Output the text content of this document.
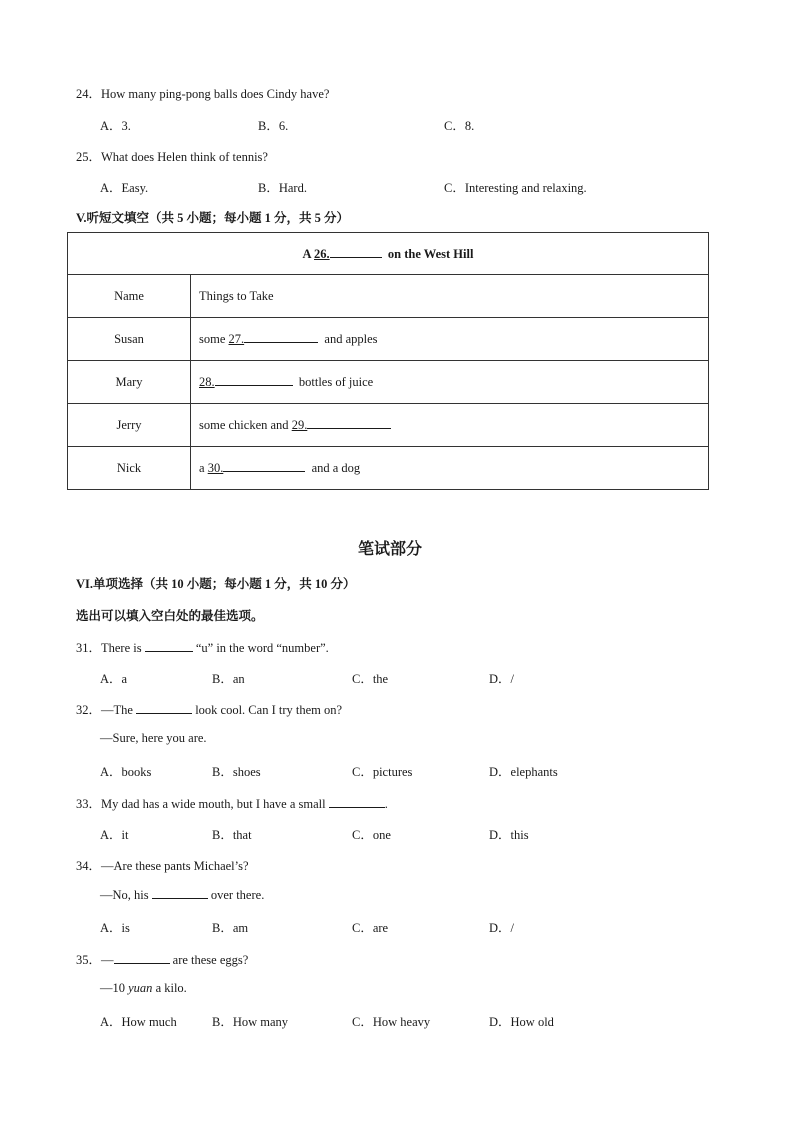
24．How many ping-pong balls does Cindy have?
A．3.	B．6.	C．8.
25．What does Helen think of tennis?
A．Easy.	B．Hard.	C．Interesting and relaxing.
V.听短文填空（共 5 小题；每小题 1 分，共 5 分）
A 26. on the West Hill	
Name	Things to Take
Susan	some 27. and apples
Mary	28. bottles of juice
Jerry	some chicken and 29.
Nick	a 30. and a dog
笔试部分
VI.单项选择（共 10 小题；每小题 1 分，共 10 分）
选出可以填入空白处的最佳选项。
31．There is	“u” in the word “number”.
A．a	B．an	C．the	D．/
32．—The	look cool. Can I try them on?
—Sure, here you are.
A．books	B．shoes	C．pictures	D．elephants
33．My dad has a wide mouth, but I have a small	.
A．it	B．that	C．one	D．this
34．—Are these pants Michael’s?
—No, his	over there.
A．is	B．am	C．are	D．/
35．—	are these eggs?
—10 yuan a kilo.
A．How much	B．How many	C．How heavy	D．How old
